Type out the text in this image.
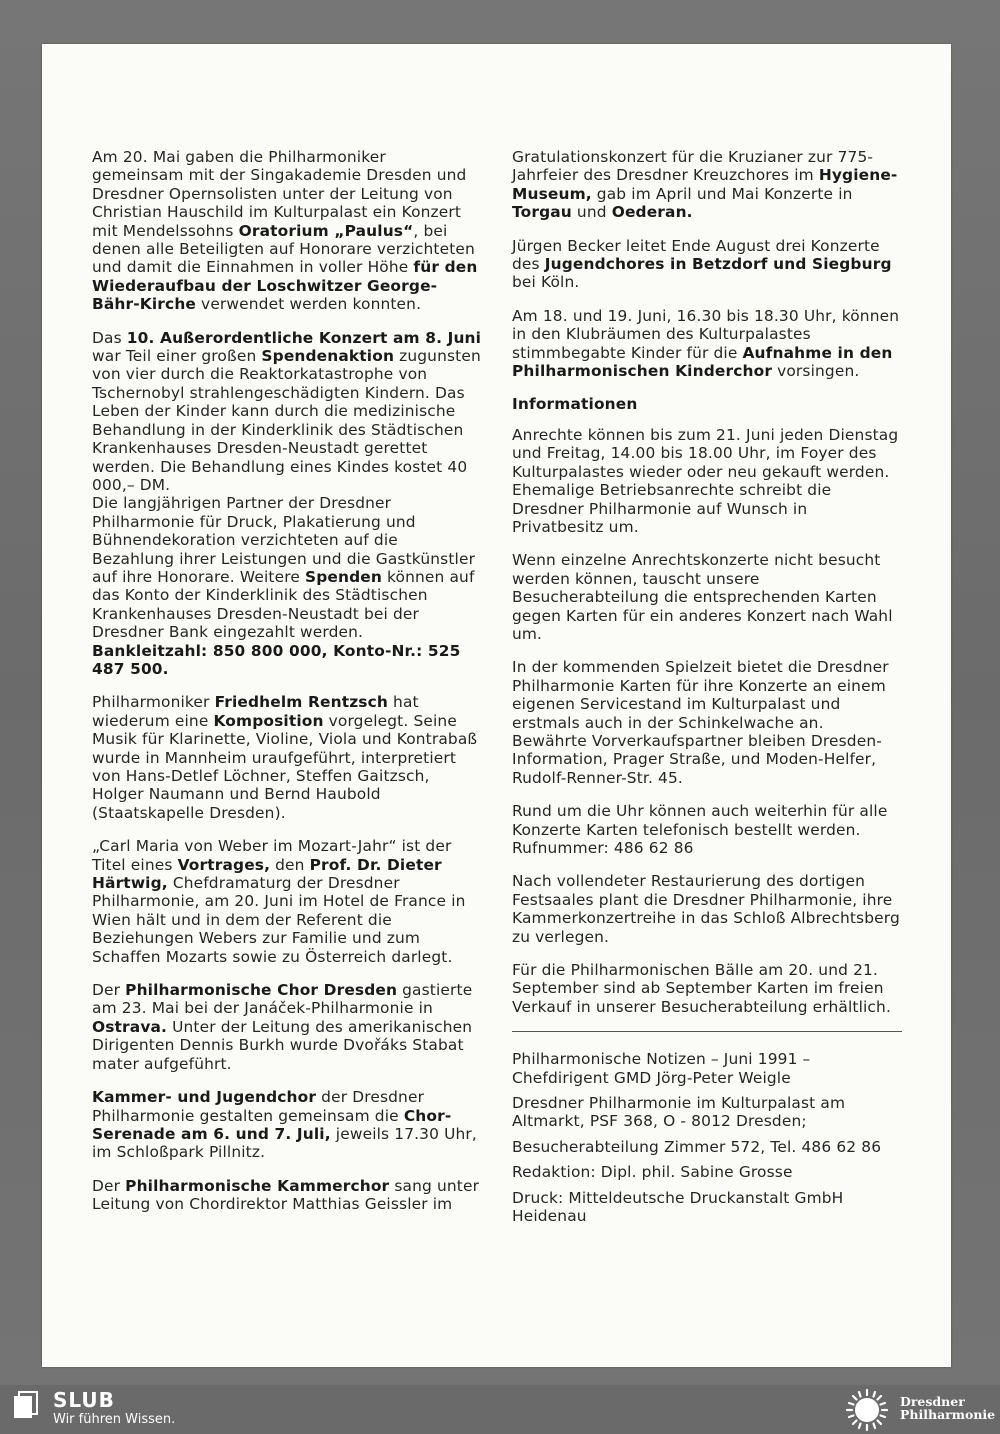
Am 20. Mai gaben die Philharmoniker gemeinsam mit der Singakademie Dresden und Dresdner Opernsolisten unter der Leitung von Christian Hauschild im Kulturpalast ein Konzert mit Mendelssohns Oratorium „Paulus“, bei denen alle Beteiligten auf Honorare verzichteten und damit die Einnahmen in voller Höhe für den Wiederaufbau der Loschwitzer George-Bähr-Kirche verwendet werden konnten.

Das 10. Außerordentliche Konzert am 8. Juni war Teil einer großen Spendenaktion zugunsten von vier durch die Reaktorkatastrophe von Tschernobyl strahlengeschädigten Kindern. Das Leben der Kinder kann durch die medizinische Behandlung in der Kinderklinik des Städtischen Krankenhauses Dresden-Neustadt gerettet werden. Die Behandlung eines Kindes kostet 40 000,– DM.

Die langjährigen Partner der Dresdner Philharmonie für Druck, Plakatierung und Bühnendekoration verzichteten auf die Bezahlung ihrer Leistungen und die Gastkünstler auf ihre Honorare. Weitere Spenden können auf das Konto der Kinderklinik des Städtischen Krankenhauses Dresden-Neustadt bei der Dresdner Bank eingezahlt werden. Bankleitzahl: 850 800 000, Konto-Nr.: 525 487 500.

Philharmoniker Friedhelm Rentzsch hat wiederum eine Komposition vorgelegt. Seine Musik für Klarinette, Violine, Viola und Kontrabaß wurde in Mannheim uraufgeführt, interpretiert von Hans-Detlef Löchner, Steffen Gaitzsch, Holger Naumann und Bernd Haubold (Staatskapelle Dresden).

„Carl Maria von Weber im Mozart-Jahr“ ist der Titel eines Vortrages, den Prof. Dr. Dieter Härtwig, Chefdramaturg der Dresdner Philharmonie, am 20. Juni im Hotel de France in Wien hält und in dem der Referent die Beziehungen Webers zur Familie und zum Schaffen Mozarts sowie zu Österreich darlegt.

Der Philharmonische Chor Dresden gastierte am 23. Mai bei der Janáček-Philharmonie in Ostrava. Unter der Leitung des amerikanischen Dirigenten Dennis Burkh wurde Dvořáks Stabat mater aufgeführt.

Kammer- und Jugendchor der Dresdner Philharmonie gestalten gemeinsam die Chor-Serenade am 6. und 7. Juli, jeweils 17.30 Uhr, im Schloßpark Pillnitz.

Der Philharmonische Kammerchor sang unter Leitung von Chordirektor Matthias Geissler im

Gratulationskonzert für die Kruzianer zur 775-Jahrfeier des Dresdner Kreuzchores im Hygiene-Museum, gab im April und Mai Konzerte in Torgau und Oederan.

Jürgen Becker leitet Ende August drei Konzerte des Jugendchores in Betzdorf und Siegburg bei Köln.

Am 18. und 19. Juni, 16.30 bis 18.30 Uhr, können in den Klubräumen des Kulturpalastes stimmbegabte Kinder für die Aufnahme in den Philharmonischen Kinderchor vorsingen.

Informationen

Anrechte können bis zum 21. Juni jeden Dienstag und Freitag, 14.00 bis 18.00 Uhr, im Foyer des Kulturpalastes wieder oder neu gekauft werden. Ehemalige Betriebsanrechte schreibt die Dresdner Philharmonie auf Wunsch in Privatbesitz um.

Wenn einzelne Anrechtskonzerte nicht besucht werden können, tauscht unsere Besucherabteilung die entsprechenden Karten gegen Karten für ein anderes Konzert nach Wahl um.

In der kommenden Spielzeit bietet die Dresdner Philharmonie Karten für ihre Konzerte an einem eigenen Servicestand im Kulturpalast und erstmals auch in der Schinkelwache an. Bewährte Vorverkaufspartner bleiben Dresden-Information, Prager Straße, und Moden-Helfer, Rudolf-Renner-Str. 45.

Rund um die Uhr können auch weiterhin für alle Konzerte Karten telefonisch bestellt werden. Rufnummer: 486 62 86

Nach vollendeter Restaurierung des dortigen Festsaales plant die Dresdner Philharmonie, ihre Kammerkonzertreihe in das Schloß Albrechtsberg zu verlegen.

Für die Philharmonischen Bälle am 20. und 21. September sind ab September Karten im freien Verkauf in unserer Besucherabteilung erhältlich.

Philharmonische Notizen – Juni 1991 – Chefdirigent GMD Jörg-Peter Weigle

Dresdner Philharmonie im Kulturpalast am Altmarkt, PSF 368, O - 8012 Dresden;

Besucherabteilung Zimmer 572, Tel. 486 62 86

Redaktion: Dipl. phil. Sabine Grosse

Druck: Mitteldeutsche Druckanstalt GmbH Heidenau

SLUB
Wir führen Wissen.
Dresdner
Philharmonie
